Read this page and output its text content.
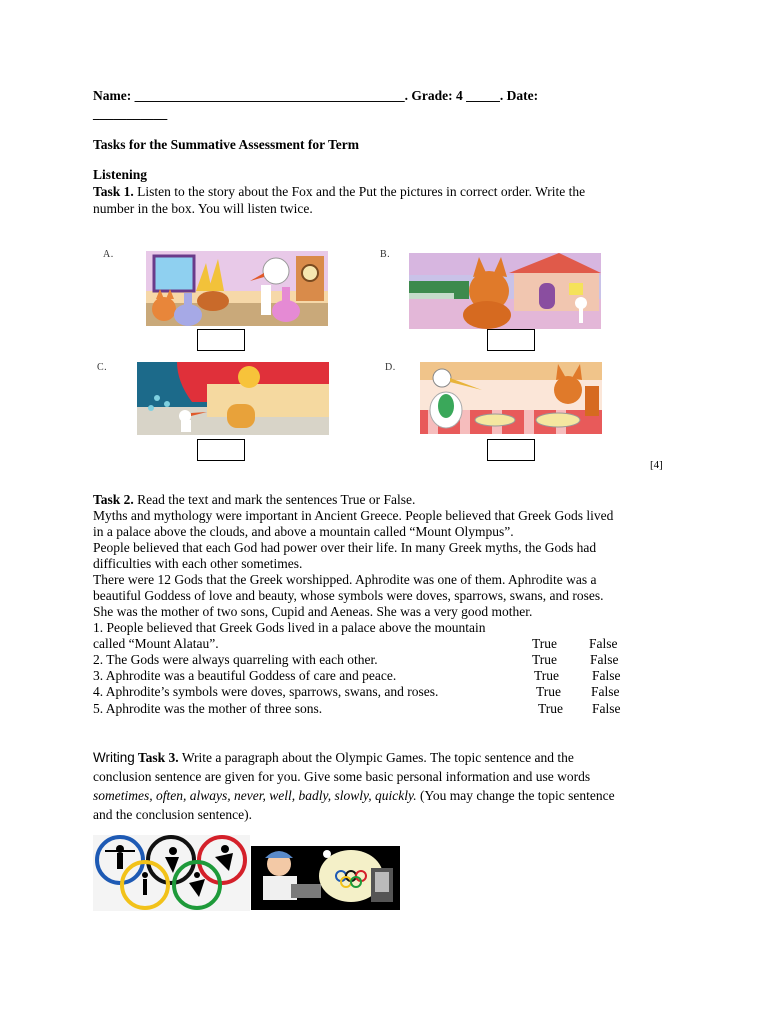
Name: ________________________________________. Grade: 4 _____. Date:
___________
Tasks for the Summative Assessment for Term
Listening
Task 1. Listen to the story about the Fox and the Put the pictures in correct order. Write the
number in the box. You will listen twice.
A.	B.
C.	D.
[4]
Task 2. Read the text and mark the sentences True or False.
Myths and mythology were important in Ancient Greece. People believed that Greek Gods lived
in a palace above the clouds, and above a mountain called “Mount Olympus”.
People believed that each God had power over their life. In many Greek myths, the Gods had
difficulties with each other sometimes.
There were 12 Gods that the Greek worshipped. Aphrodite was one of them. Aphrodite was a
beautiful Goddess of love and beauty, whose symbols were doves, sparrows, swans, and roses.
She was the mother of two sons, Cupid and Aeneas. She was a very good mother.
1. People believed that Greek Gods lived in a palace above the mountain
called “Mount Alatau”.	True False
2. The Gods were always quarreling with each other.	True False
3. Aphrodite was a beautiful Goddess of care and peace.	True False
4. Aphrodite’s symbols were doves, sparrows, swans, and roses.	True False
5. Aphrodite was the mother of three sons.	True False
Writing Task 3. Write a paragraph about the Olympic Games. The topic sentence and the
conclusion sentence are given for you. Give some basic personal information and use words
sometimes, often, always, never, well, badly, slowly, quickly. (You may change the topic sentence
and the conclusion sentence).
